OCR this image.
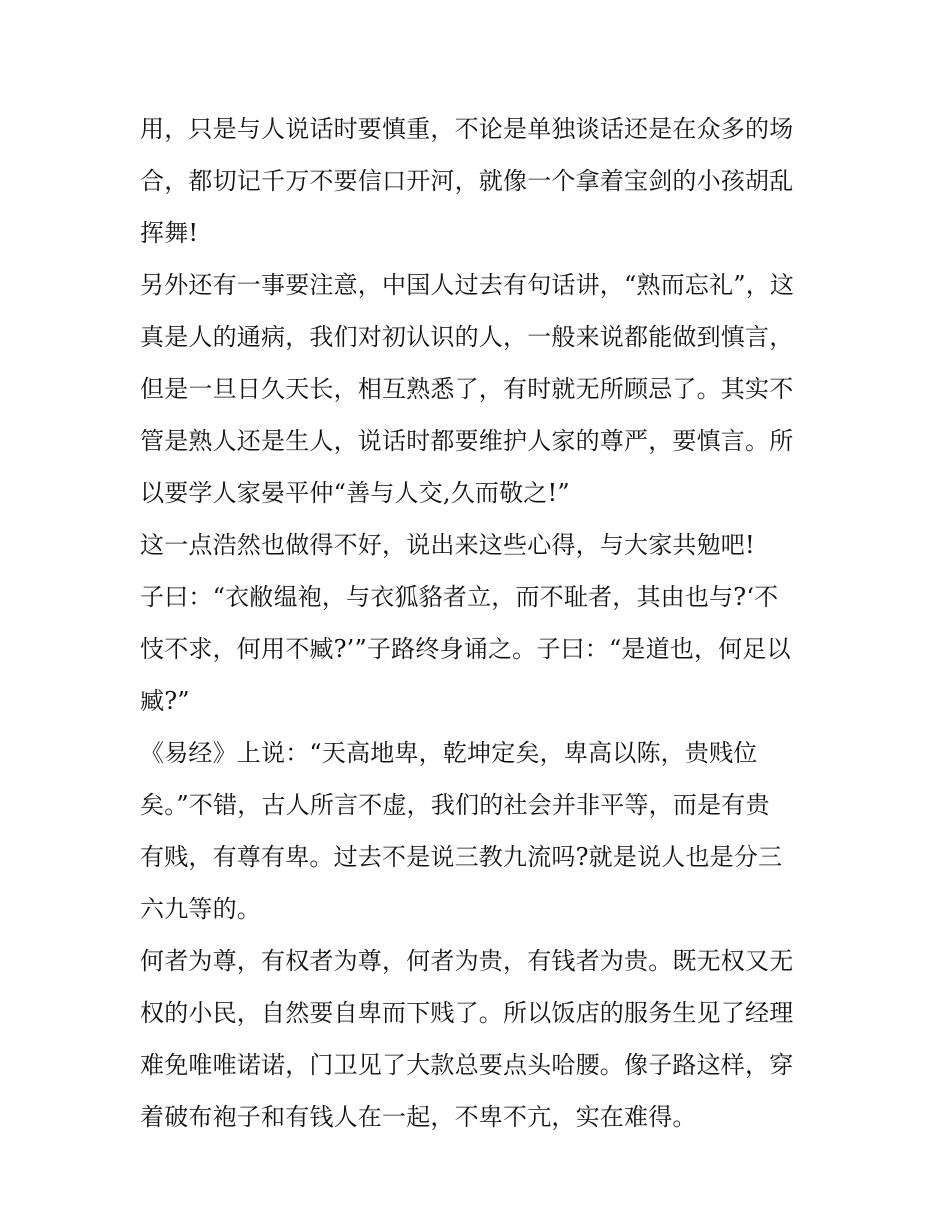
用，只是与人说话时要慎重，不论是单独谈话还是在众多的场
合，都切记千万不要信口开河，就像一个拿着宝剑的小孩胡乱
挥舞!
另外还有一事要注意，中国人过去有句话讲，“熟而忘礼”，这
真是人的通病，我们对初认识的人，一般来说都能做到慎言，
但是一旦日久天长，相互熟悉了，有时就无所顾忌了。其实不
管是熟人还是生人，说话时都要维护人家的尊严，要慎言。所
以要学人家晏平仲“善与人交,久而敬之!”
这一点浩然也做得不好，说出来这些心得，与大家共勉吧!
子曰：“衣敝缊袍，与衣狐貉者立，而不耻者，其由也与?‘不
忮不求，何用不臧?’”子路终身诵之。子曰：“是道也，何足以
臧?”
《易经》上说：“天高地卑，乾坤定矣，卑高以陈，贵贱位
矣。”不错，古人所言不虚，我们的社会并非平等，而是有贵
有贱，有尊有卑。过去不是说三教九流吗?就是说人也是分三
六九等的。
何者为尊，有权者为尊，何者为贵，有钱者为贵。既无权又无
权的小民，自然要自卑而下贱了。所以饭店的服务生见了经理
难免唯唯诺诺，门卫见了大款总要点头哈腰。像子路这样，穿
着破布袍子和有钱人在一起，不卑不亢，实在难得。
